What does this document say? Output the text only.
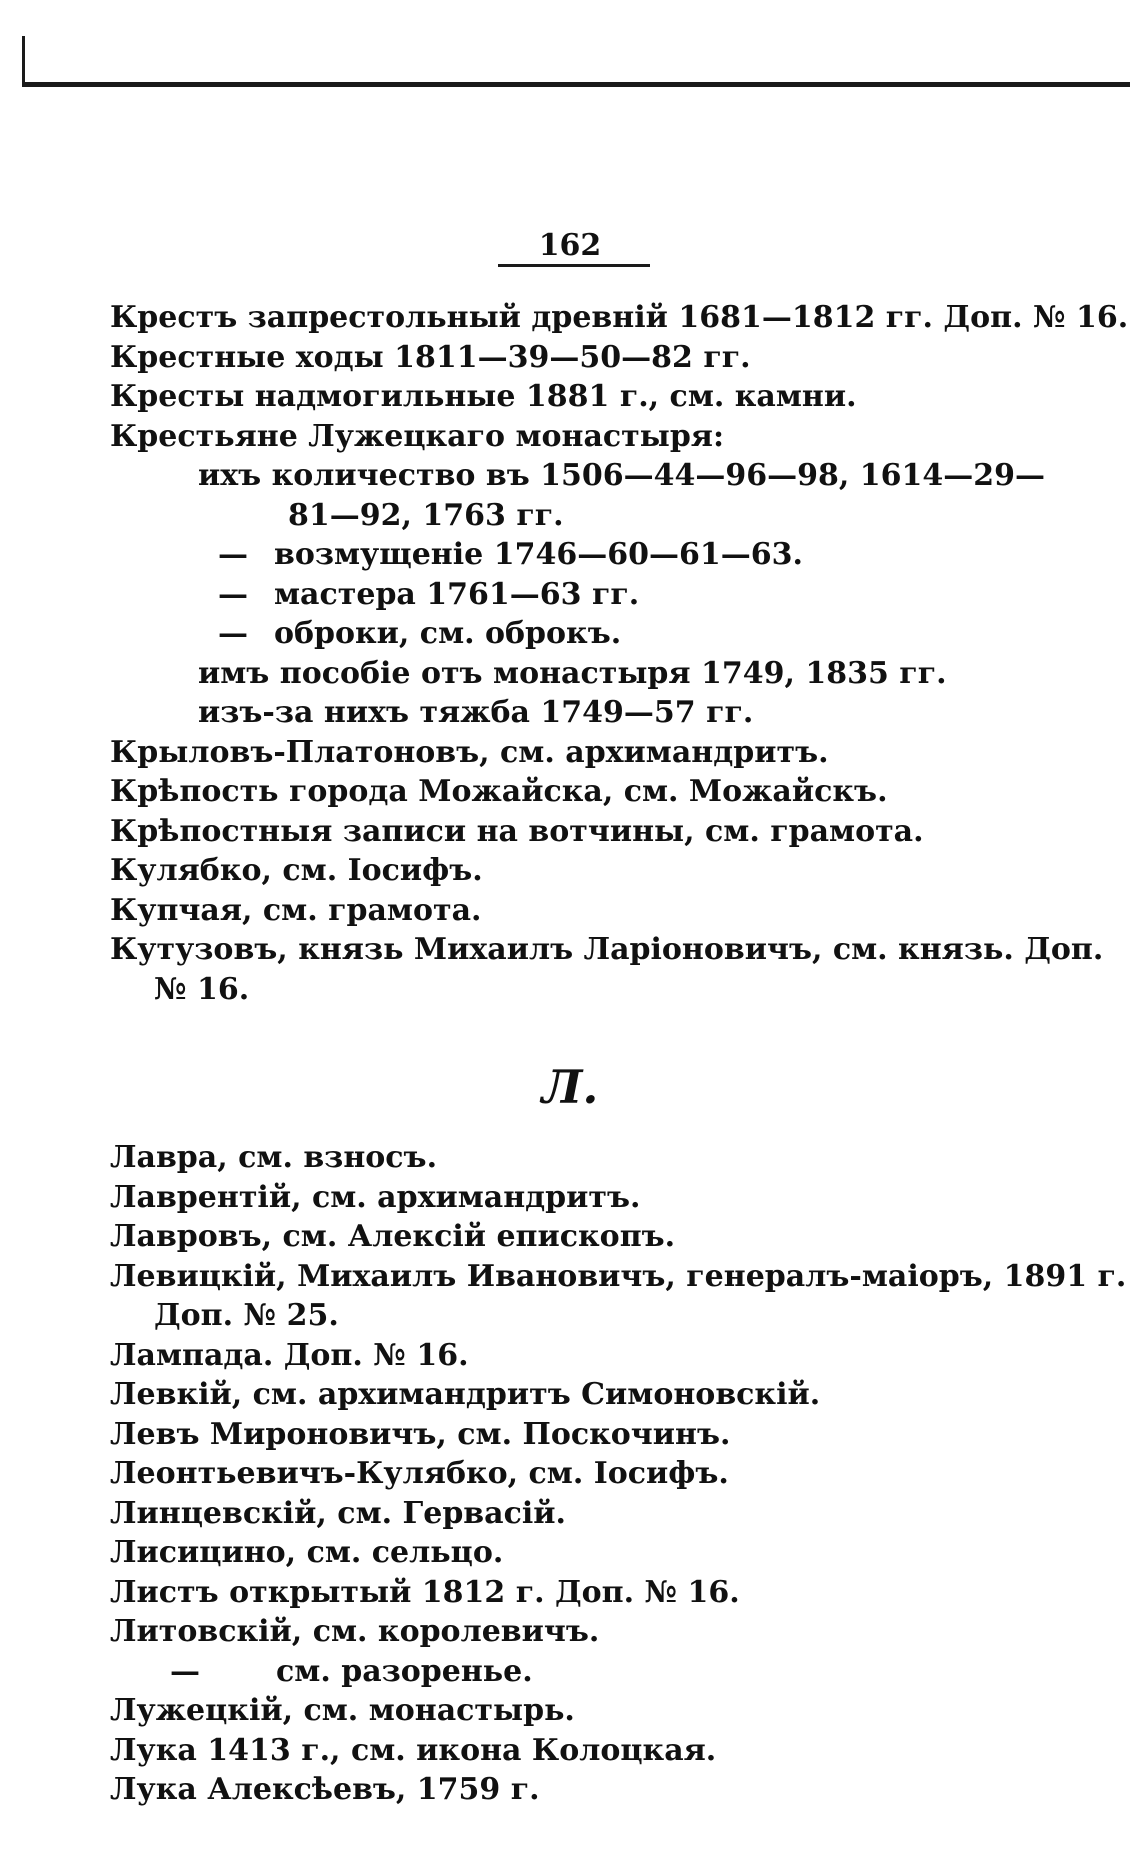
162
Крестъ запрестольный древній 1681—1812 гг. Доп. № 16.
Крестные ходы 1811—39—50—82 гг.
Кресты надмогильные 1881 г., см. камни.
Крестьяне Лужецкаго монастыря:
ихъ количество въ 1506—44—96—98, 1614—29—
81—92, 1763 гг.
— возмущеніе 1746—60—61—63.
— мастера 1761—63 гг.
— оброки, см. оброкъ.
имъ пособіе отъ монастыря 1749, 1835 гг.
изъ-за нихъ тяжба 1749—57 гг.
Крыловъ-Платоновъ, см. архимандритъ.
Крѣпость города Можайска, см. Можайскъ.
Крѣпостныя записи на вотчины, см. грамота.
Кулябко, см. Іосифъ.
Купчая, см. грамота.
Кутузовъ, князь Михаилъ Ларіоновичъ, см. князь. Доп.
№ 16.
Л.
Лавра, см. взносъ.
Лаврентій, см. архимандритъ.
Лавровъ, см. Алексій епископъ.
Левицкій, Михаилъ Ивановичъ, генералъ-маіоръ, 1891 г.
Доп. № 25.
Лампада. Доп. № 16.
Левкій, см. архимандритъ Симоновскій.
Левъ Мироновичъ, см. Поскочинъ.
Леонтьевичъ-Кулябко, см. Іосифъ.
Линцевскій, см. Гервасій.
Лисицино, см. сельцо.
Листъ открытый 1812 г. Доп. № 16.
Литовскій, см. королевичъ.
—	см. разоренье.
Лужецкій, см. монастырь.
Лука 1413 г., см. икона Колоцкая.
Лука Алексѣевъ, 1759 г.
